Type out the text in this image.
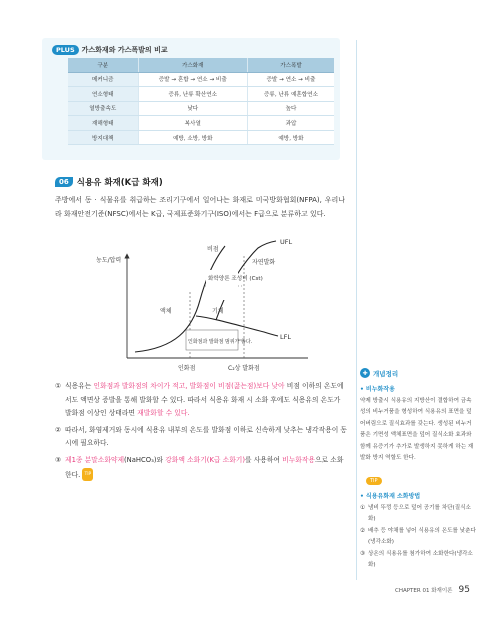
PLUS	가스화재와 가스폭발의 비교
구분	가스화재	가스폭발
메커니즘	증발 → 혼합 → 연소 → 비출	증발 → 연소 → 비출
연소형태	증류, 난류 확산연소	증류, 난류 예혼합연소
열방출속도	낮다	높다
재해형태	복사열	과압
방지대책	예방, 소방, 방화	예방, 방화
06 식용유 화재(K급 화재)

주방에서 동 · 식물유를 취급하는 조리기구에서 일어나는 화재로 미국방화협회(NFPA), 우리나라 화재안전기준(NFSC)에서는 K급, 국제표준화기구(ISO)에서는 F급으로 분류하고 있다.

농도/압력
UFL
LFL
비점
자연발화
화학양론 조성비 (Cst)
기체
액체
인화점과 발화점 범위가 좁다.
인화점	C₂상 발화점
① 식용유는 인화점과 발화점의 차이가 적고, 발화점이 비점(끓는점)보다 낮아 비점 이하의 온도에서도 액면상 증발을 통해 발화할 수 있다. 따라서 식용유 화재 시 소화 후에도 식용유의 온도가 발화점 이상인 상태라면 재발화할 수 있다.
② 따라서, 화염제거와 동시에 식용유 내부의 온도를 발화점 이하로 신속하게 낮추는 냉각작용이 동시에 필요하다.
③ 제1종 분말소화약제(NaHCO₃)와 강화액 소화기(K급 소화기)를 사용하여 비누화작용으로 소화한다. TIP
✚ 개념정리
• 비누화작용
약제 방출시 식용유의 지방산이 결합하여 금속성의 비누거품을 형성하여 식용유의 표면을 덮어버림으로 질식효과를 갖는다. 생성된 비누거품은 기면성 액체표면을 덮어 질식소화 효과와 함께 유증기가 추가로 발생하지 못하게 하는 재발화 방지 역할도 한다.
TIP
• 식용유화재 소화방법
① 냄비 뚜껑 등으로 덮어 공기를 차단(질식소화)
② 배추 등 야채를 넣어 식용유의 온도를 낮춘다(냉각소화)
③ 상온의 식용유를 첨가하여 소화한다(냉각소화)
CHAPTER 01 화재이론 95
